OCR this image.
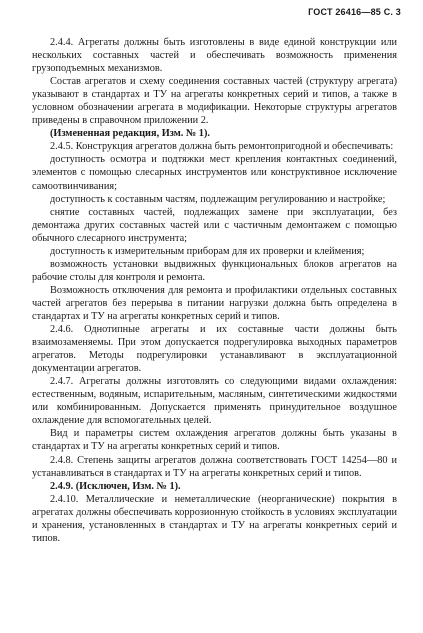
ГОСТ 26416—85 С. 3

2.4.4. Агрегаты должны быть изготовлены в виде единой конструкции или нескольких составных частей и обеспечивать возможность применения грузоподъемных механизмов.

Состав агрегатов и схему соединения составных частей (структуру агрегата) указывают в стандартах и ТУ на агрегаты конкретных серий и типов, а также в условном обозначении агрегата в модификации. Некоторые структуры агрегатов приведены в справочном приложении 2.

(Измененная редакция, Изм. № 1).

2.4.5. Конструкция агрегатов должна быть ремонтопригодной и обеспечивать:

доступность осмотра и подтяжки мест крепления контактных соединений, элементов с помощью слесарных инструментов или конструктивное исключение самоотвинчивания;

доступность к составным частям, подлежащим регулированию и настройке;

снятие составных частей, подлежащих замене при эксплуатации, без демонтажа других составных частей или с частичным демонтажем с помощью обычного слесарного инструмента;

доступность к измерительным приборам для их проверки и клеймения;

возможность установки выдвижных функциональных блоков агрегатов на рабочие столы для контроля и ремонта.

Возможность отключения для ремонта и профилактики отдельных составных частей агрегатов без перерыва в питании нагрузки должна быть определена в стандартах и ТУ на агрегаты конкретных серий и типов.

2.4.6. Однотипные агрегаты и их составные части должны быть взаимозаменяемы. При этом допускается подрегулировка выходных параметров агрегатов. Методы подрегулировки устанавливают в эксплуатационной документации агрегатов.

2.4.7. Агрегаты должны изготовлять со следующими видами охлаждения: естественным, водяным, испарительным, масляным, синтетическими жидкостями или комбинированным. Допускается применять принудительное воздушное охлаждение для вспомогательных целей.

Вид и параметры систем охлаждения агрегатов должны быть указаны в стандартах и ТУ на агрегаты конкретных серий и типов.

2.4.8. Степень защиты агрегатов должна соответствовать ГОСТ 14254—80 и устанавливаться в стандартах и ТУ на агрегаты конкретных серий и типов.

2.4.9. (Исключен, Изм. № 1).

2.4.10. Металлические и неметаллические (неорганические) покрытия в агрегатах должны обеспечивать коррозионную стойкость в условиях эксплуатации и хранения, установленных в стандартах и ТУ на агрегаты конкретных серий и типов.
